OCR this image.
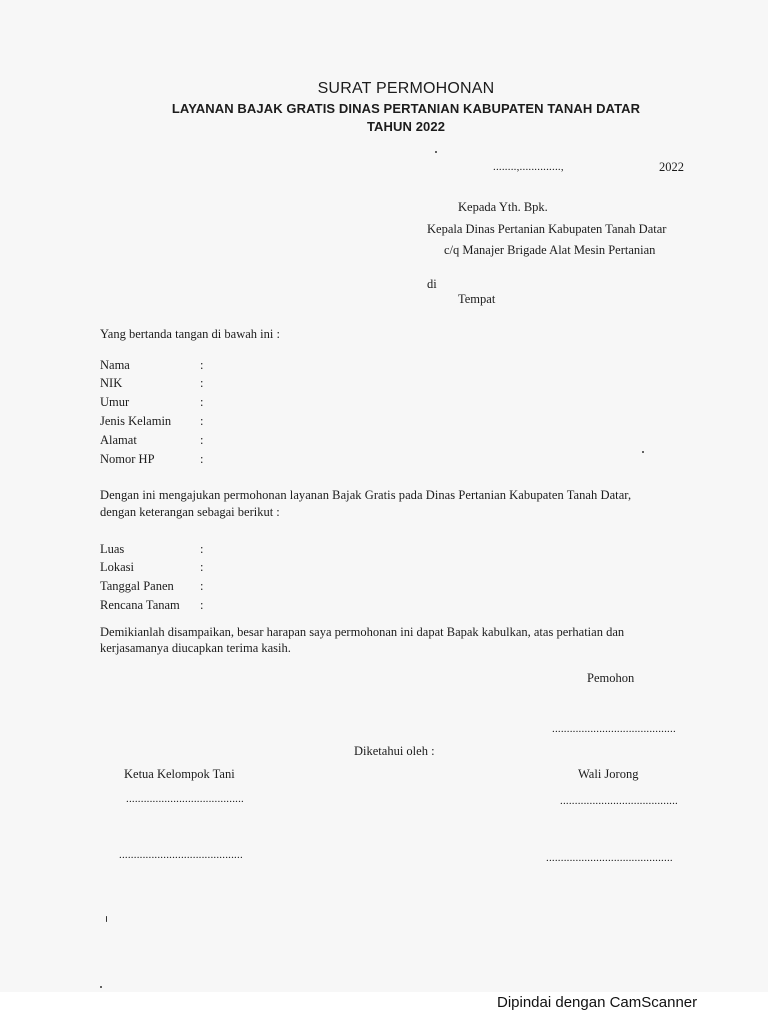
SURAT PERMOHONAN
LAYANAN BAJAK GRATIS DINAS PERTANIAN KABUPATEN TANAH DATAR
TAHUN 2022
........,..............,	2022
Kepada Yth. Bpk.
Kepala Dinas Pertanian Kabupaten Tanah Datar
c/q Manajer Brigade Alat Mesin Pertanian
di
Tempat
Yang bertanda tangan di bawah ini :
Nama	:
NIK	:
Umur	:
Jenis Kelamin :
Alamat	:
Nomor HP	:
Dengan ini mengajukan permohonan layanan Bajak Gratis pada Dinas Pertanian Kabupaten Tanah Datar,
dengan keterangan sebagai berikut :
Luas	:
Lokasi	:
Tanggal Panen :
Rencana Tanam :
Demikianlah disampaikan, besar harapan saya permohonan ini dapat Bapak kabulkan, atas perhatian dan
kerjasamanya diucapkan terima kasih.
Pemohon
..........................................
Diketahui oleh :
Ketua Kelompok Tani
........................................
..........................................
Wali Jorong
........................................
...........................................
Dipindai dengan CamScanner
